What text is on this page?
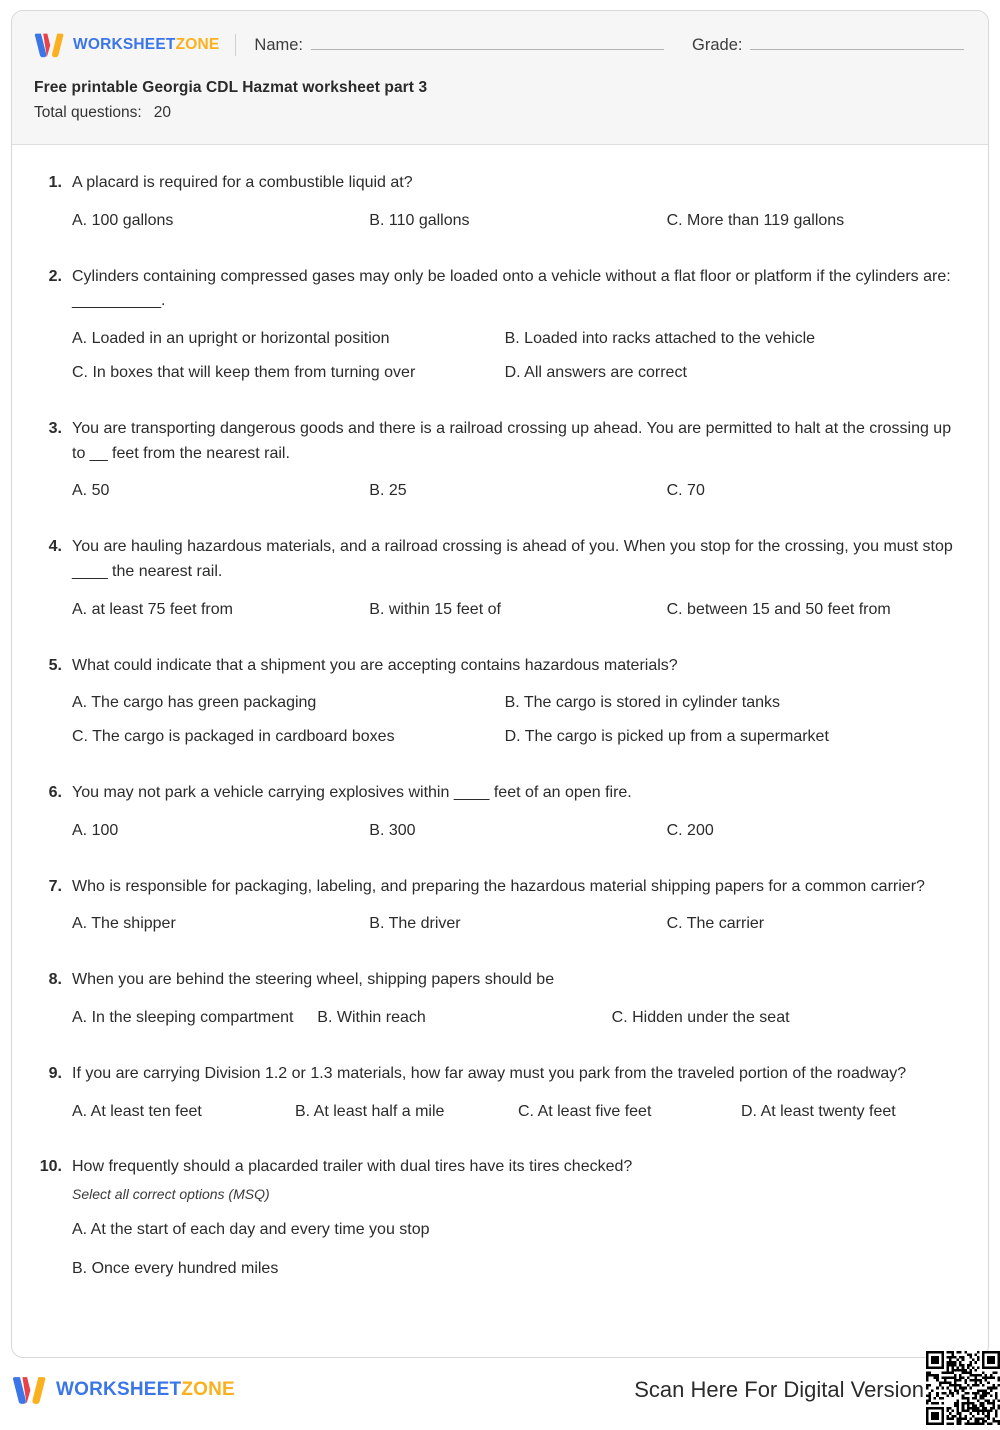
WORKSHEETZONE Name:	Grade:
Free printable Georgia CDL Hazmat worksheet part 3
Total questions: 20
1. A placard is required for a combustible liquid at?
A. 100 gallons	B. 110 gallons	C. More than 119 gallons
2. Cylinders containing compressed gases may only be loaded onto a vehicle without a flat floor or platform if the cylinders are: __________.
A. Loaded in an upright or horizontal position	B. Loaded into racks attached to the vehicle
C. In boxes that will keep them from turning over	D. All answers are correct
3. You are transporting dangerous goods and there is a railroad crossing up ahead. You are permitted to halt at the crossing up to __ feet from the nearest rail.
A. 50	B. 25	C. 70
4. You are hauling hazardous materials, and a railroad crossing is ahead of you. When you stop for the crossing, you must stop ____ the nearest rail.
A. at least 75 feet from	B. within 15 feet of	C. between 15 and 50 feet from
5. What could indicate that a shipment you are accepting contains hazardous materials?
A. The cargo has green packaging	B. The cargo is stored in cylinder tanks
C. The cargo is packaged in cardboard boxes	D. The cargo is picked up from a supermarket
6. You may not park a vehicle carrying explosives within ____ feet of an open fire.
A. 100	B. 300	C. 200
7. Who is responsible for packaging, labeling, and preparing the hazardous material shipping papers for a common carrier?
A. The shipper	B. The driver	C. The carrier
8. When you are behind the steering wheel, shipping papers should be
A. In the sleeping compartment	B. Within reach	C. Hidden under the seat
9. If you are carrying Division 1.2 or 1.3 materials, how far away must you park from the traveled portion of the roadway?
A. At least ten feet	B. At least half a mile	C. At least five feet	D. At least twenty feet
10. How frequently should a placarded trailer with dual tires have its tires checked?
Select all correct options (MSQ)
A. At the start of each day and every time you stop
B. Once every hundred miles
WORKSHEETZONE	Scan Here For Digital Version
